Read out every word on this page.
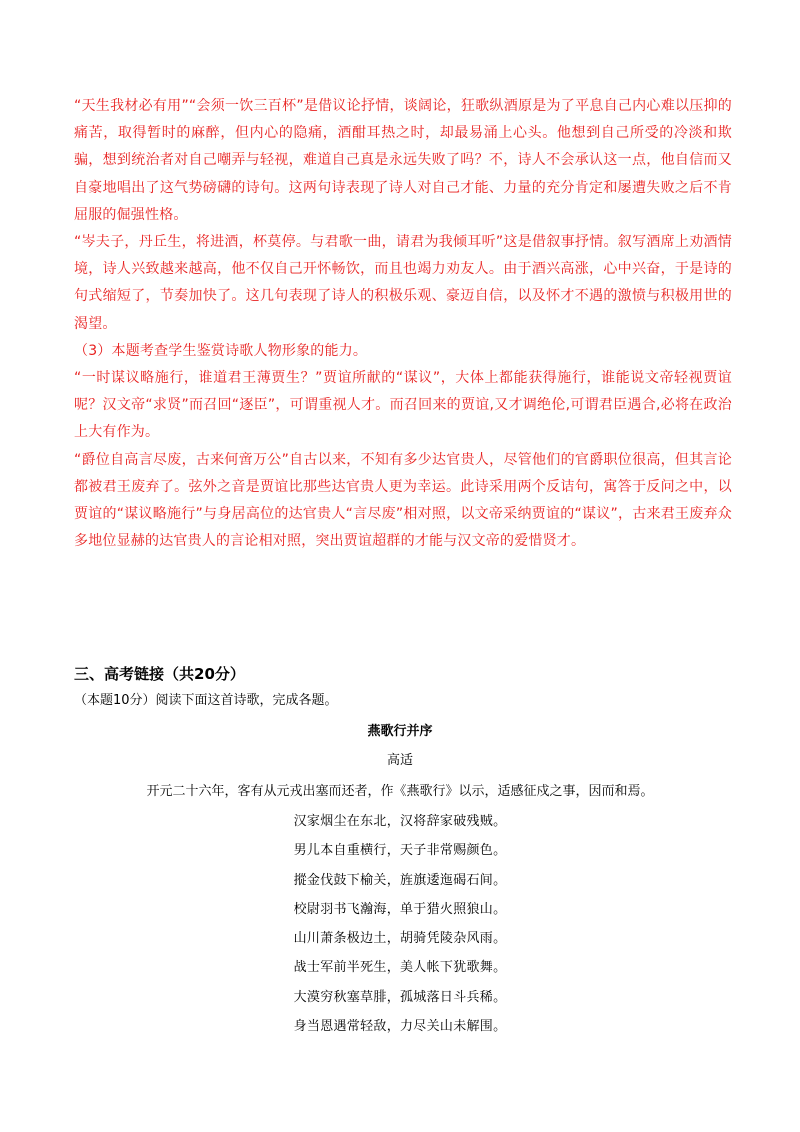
“天生我材必有用”“会须一饮三百杯”是借议论抒情，谈阔论，狂歌纵酒原是为了平息自己内心难以压抑的痛苦，取得暂时的麻醉，但内心的隐痛，酒酣耳热之时，却最易涌上心头。他想到自己所受的冷淡和欺骗，想到统治者对自己嘲弄与轻视，难道自己真是永远失败了吗？不，诗人不会承认这一点，他自信而又自豪地唱出了这气势磅礴的诗句。这两句诗表现了诗人对自己才能、力量的充分肯定和屡遭失败之后不肯屈服的倔强性格。

“岑夫子，丹丘生，将进酒，杯莫停。与君歌一曲，请君为我倾耳听”这是借叙事抒情。叙写酒席上劝酒情境，诗人兴致越来越高，他不仅自己开怀畅饮，而且也竭力劝友人。由于酒兴高涨，心中兴奋，于是诗的句式缩短了，节奏加快了。这几句表现了诗人的积极乐观、豪迈自信，以及怀才不遇的激愤与积极用世的渴望。

（3）本题考查学生鉴赏诗歌人物形象的能力。

“一时谋议略施行，谁道君王薄贾生？”贾谊所献的“谋议”，大体上都能获得施行，谁能说文帝轻视贾谊呢？汉文帝“求贤”而召回“逐臣”，可谓重视人才。而召回来的贾谊,又才调绝伦,可谓君臣遇合,必将在政治上大有作为。

“爵位自高言尽废，古来何啻万公”自古以来，不知有多少达官贵人，尽管他们的官爵职位很高，但其言论都被君王废弃了。弦外之音是贾谊比那些达官贵人更为幸运。此诗采用两个反诘句，寓答于反问之中，以贾谊的“谋议略施行”与身居高位的达官贵人“言尽废”相对照，以文帝采纳贾谊的“谋议”，古来君王废弃众多地位显赫的达官贵人的言论相对照，突出贾谊超群的才能与汉文帝的爱惜贤才。

三、高考链接（共20分）

（本题10分）阅读下面这首诗歌，完成各题。

燕歌行并序

高适

开元二十六年，客有从元戎出塞而还者，作《燕歌行》以示，适感征戍之事，因而和焉。

汉家烟尘在东北，汉将辞家破残贼。
男儿本自重横行，天子非常赐颜色。
摐金伐鼓下榆关，旌旗逶迤碣石间。
校尉羽书飞瀚海，单于猎火照狼山。
山川萧条极边土，胡骑凭陵杂风雨。
战士军前半死生，美人帐下犹歌舞。
大漠穷秋塞草腓，孤城落日斗兵稀。
身当恩遇常轻敌，力尽关山未解围。
